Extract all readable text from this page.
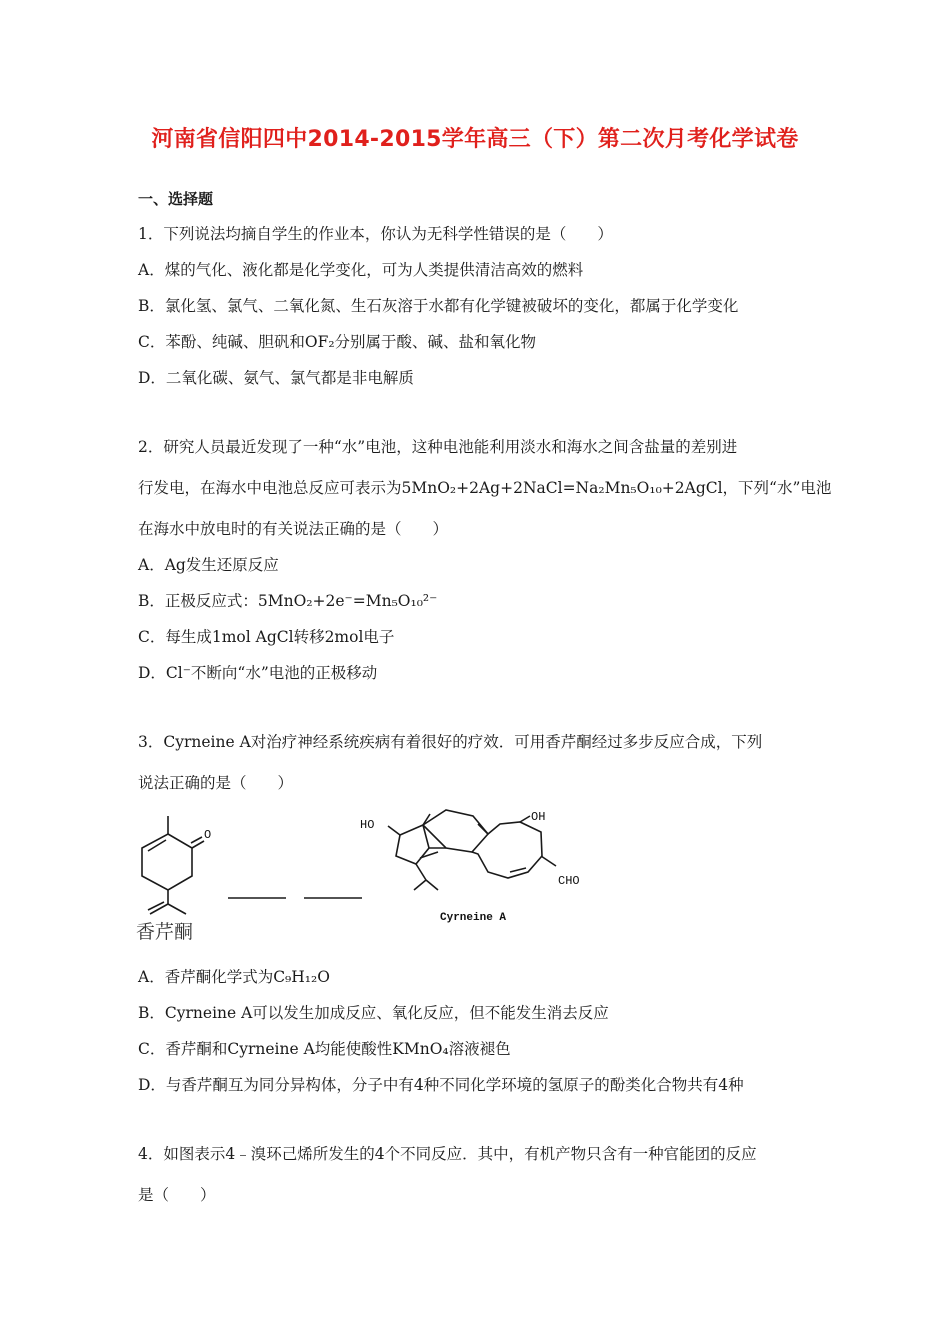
河南省信阳四中2014-2015学年高三（下）第二次月考化学试卷
一、选择题
1．下列说法均摘自学生的作业本，你认为无科学性错误的是（　　）
A．煤的气化、液化都是化学变化，可为人类提供清洁高效的燃料
B．氯化氢、氯气、二氧化氮、生石灰溶于水都有化学键被破坏的变化，都属于化学变化
C．苯酚、纯碱、胆矾和OF₂分别属于酸、碱、盐和氧化物
D．二氧化碳、氨气、氯气都是非电解质
2．研究人员最近发现了一种“水”电池，这种电池能利用淡水和海水之间含盐量的差别进
行发电，在海水中电池总反应可表示为5MnO₂+2Ag+2NaCl=Na₂Mn₅O₁₀+2AgCl，下列“水”电池
在海水中放电时的有关说法正确的是（　　）
A．Ag发生还原反应
B．正极反应式：5MnO₂+2e⁻=Mn₅O₁₀²⁻
C．每生成1mol AgCl转移2mol电子
D．Cl⁻不断向“水”电池的正极移动
3．Cyrneine A对治疗神经系统疾病有着很好的疗效．可用香芹酮经过多步反应合成，下列
说法正确的是（　　）
O
香芹酮
HO
OH
CHO
Cyrneine A
A．香芹酮化学式为C₉H₁₂O
B．Cyrneine A可以发生加成反应、氧化反应，但不能发生消去反应
C．香芹酮和Cyrneine A均能使酸性KMnO₄溶液褪色
D．与香芹酮互为同分异构体，分子中有4种不同化学环境的氢原子的酚类化合物共有4种
4．如图表示4﹣溴环己烯所发生的4个不同反应．其中，有机产物只含有一种官能团的反应
是（　　）
